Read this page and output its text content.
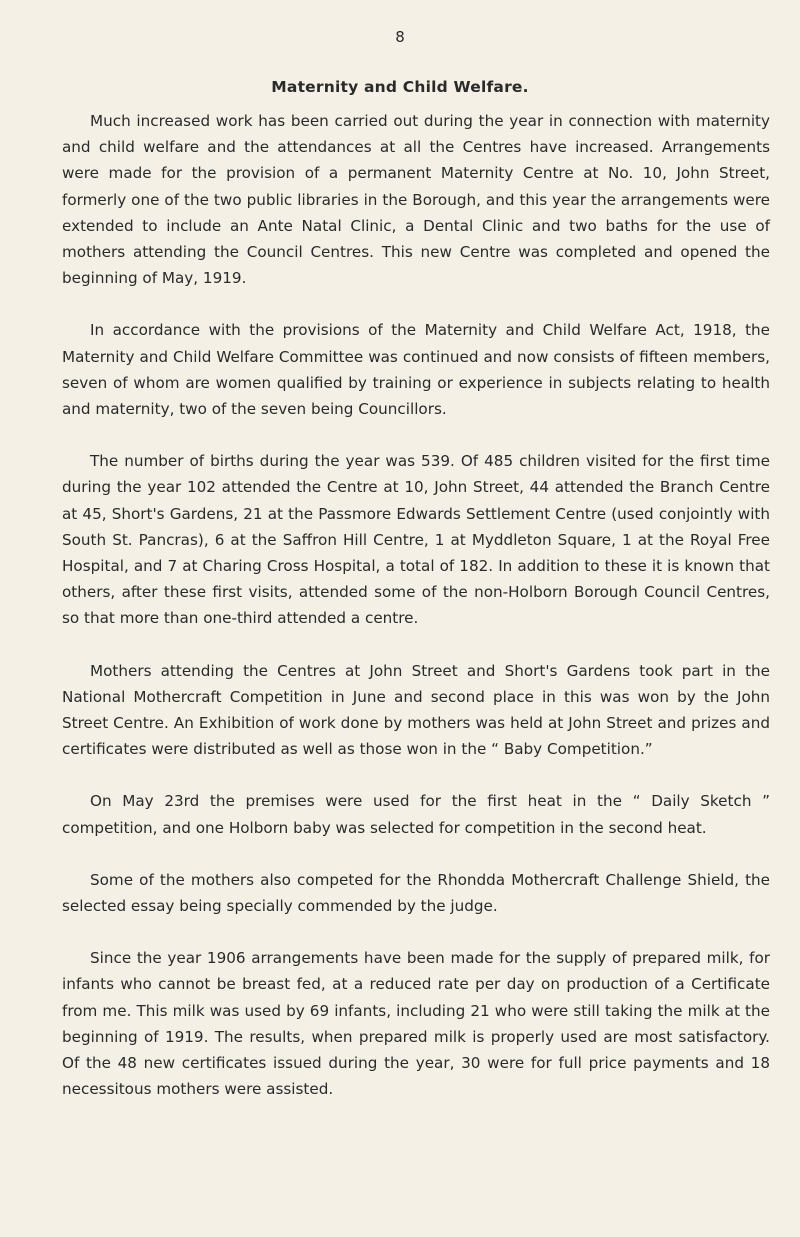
8
Maternity and Child Welfare.

Much increased work has been carried out during the year in connection with maternity and child welfare and the attendances at all the Centres have increased. Arrangements were made for the provision of a permanent Maternity Centre at No. 10, John Street, formerly one of the two public libraries in the Borough, and this year the arrangements were extended to include an Ante Natal Clinic, a Dental Clinic and two baths for the use of mothers attending the Council Centres. This new Centre was completed and opened the beginning of May, 1919.

In accordance with the provisions of the Maternity and Child Welfare Act, 1918, the Maternity and Child Welfare Committee was continued and now consists of fifteen members, seven of whom are women qualified by training or experience in subjects relating to health and maternity, two of the seven being Councillors.

The number of births during the year was 539. Of 485 children visited for the first time during the year 102 attended the Centre at 10, John Street, 44 attended the Branch Centre at 45, Short's Gardens, 21 at the Passmore Edwards Settlement Centre (used conjointly with South St. Pancras), 6 at the Saffron Hill Centre, 1 at Myddleton Square, 1 at the Royal Free Hospital, and 7 at Charing Cross Hospital, a total of 182. In addition to these it is known that others, after these first visits, attended some of the non-Holborn Borough Council Centres, so that more than one-third attended a centre.

Mothers attending the Centres at John Street and Short's Gardens took part in the National Mothercraft Competition in June and second place in this was won by the John Street Centre. An Exhibition of work done by mothers was held at John Street and prizes and certificates were distributed as well as those won in the “ Baby Competition.”

On May 23rd the premises were used for the first heat in the “ Daily Sketch ” competition, and one Holborn baby was selected for competition in the second heat.

Some of the mothers also competed for the Rhondda Mothercraft Challenge Shield, the selected essay being specially commended by the judge.

Since the year 1906 arrangements have been made for the supply of prepared milk, for infants who cannot be breast fed, at a reduced rate per day on production of a Certificate from me. This milk was used by 69 infants, including 21 who were still taking the milk at the beginning of 1919. The results, when prepared milk is properly used are most satisfactory. Of the 48 new certificates issued during the year, 30 were for full price payments and 18 necessitous mothers were assisted.
